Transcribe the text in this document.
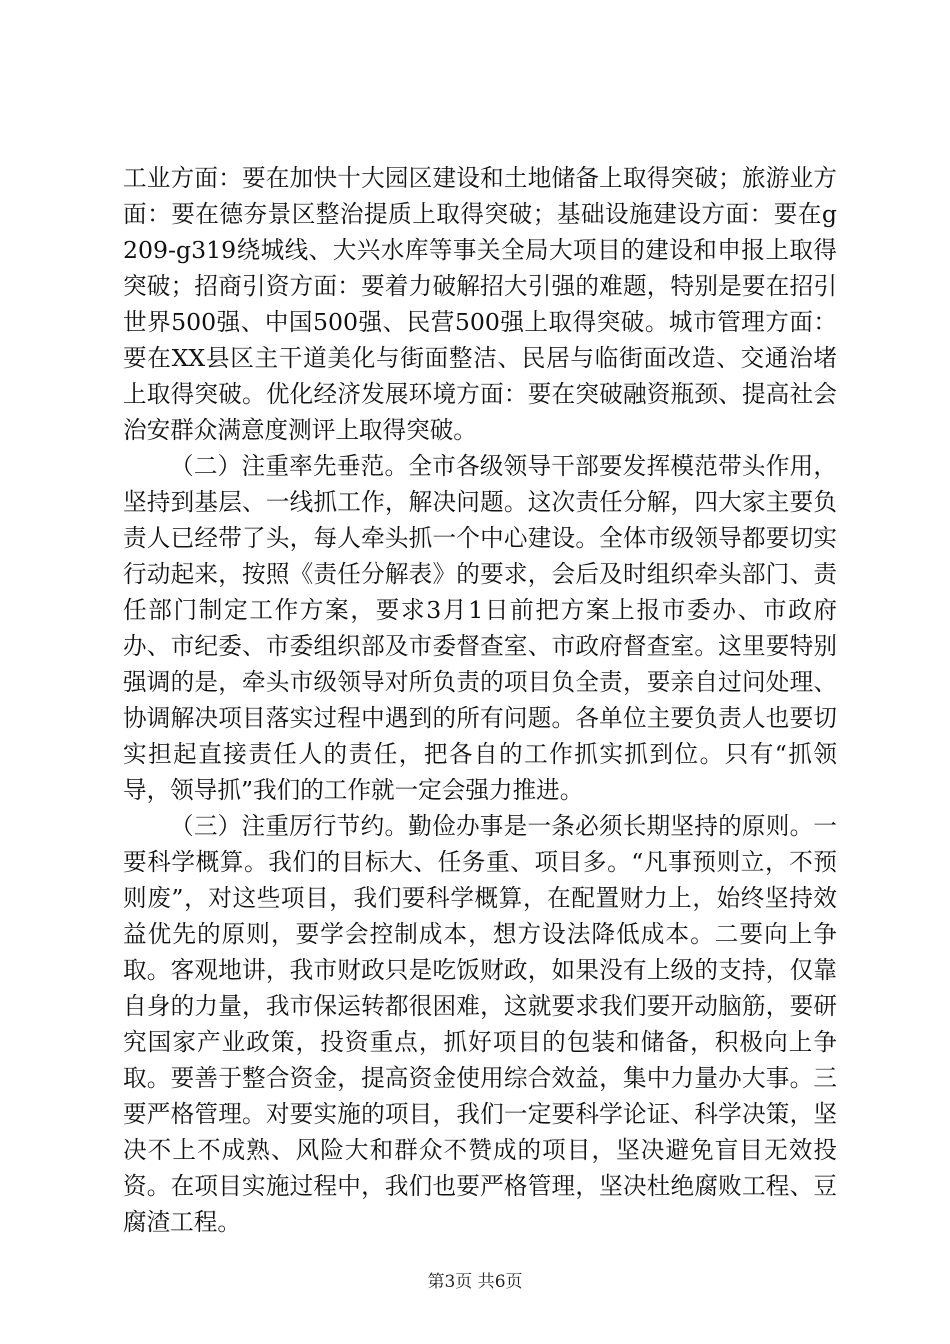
工业方面：要在加快十大园区建设和土地储备上取得突破；旅游业方面：要在德夯景区整治提质上取得突破；基础设施建设方面：要在g209-g319绕城线、大兴水库等事关全局大项目的建设和申报上取得突破；招商引资方面：要着力破解招大引强的难题，特别是要在招引世界500强、中国500强、民营500强上取得突破。城市管理方面：要在XX县区主干道美化与街面整洁、民居与临街面改造、交通治堵上取得突破。优化经济发展环境方面：要在突破融资瓶颈、提高社会治安群众满意度测评上取得突破。

（二）注重率先垂范。全市各级领导干部要发挥模范带头作用，坚持到基层、一线抓工作，解决问题。这次责任分解，四大家主要负责人已经带了头，每人牵头抓一个中心建设。全体市级领导都要切实行动起来，按照《责任分解表》的要求，会后及时组织牵头部门、责任部门制定工作方案，要求3月1日前把方案上报市委办、市政府办、市纪委、市委组织部及市委督查室、市政府督查室。这里要特别强调的是，牵头市级领导对所负责的项目负全责，要亲自过问处理、协调解决项目落实过程中遇到的所有问题。各单位主要负责人也要切实担起直接责任人的责任，把各自的工作抓实抓到位。只有“抓领导，领导抓”我们的工作就一定会强力推进。

（三）注重厉行节约。勤俭办事是一条必须长期坚持的原则。一要科学概算。我们的目标大、任务重、项目多。“凡事预则立，不预则废”，对这些项目，我们要科学概算，在配置财力上，始终坚持效益优先的原则，要学会控制成本，想方设法降低成本。二要向上争取。客观地讲，我市财政只是吃饭财政，如果没有上级的支持，仅靠自身的力量，我市保运转都很困难，这就要求我们要开动脑筋，要研究国家产业政策，投资重点，抓好项目的包装和储备，积极向上争取。要善于整合资金，提高资金使用综合效益，集中力量办大事。三要严格管理。对要实施的项目，我们一定要科学论证、科学决策，坚决不上不成熟、风险大和群众不赞成的项目，坚决避免盲目无效投资。在项目实施过程中，我们也要严格管理，坚决杜绝腐败工程、豆腐渣工程。

第3页 共6页
